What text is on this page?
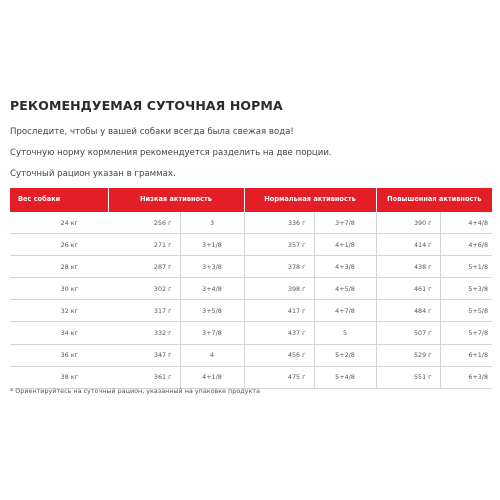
РЕКОМЕНДУЕМАЯ СУТОЧНАЯ НОРМА
Проследите, чтобы у вашей собаки всегда была свежая вода!
Суточную норму кормления рекомендуется разделить на две порции.
Суточный рацион указан в граммах.
Вес собаки	Низкая активность		Нормальная активность		Повышенная активность	
24 кг	256 г	3	336 г	3+7/8	390 г	4+4/8
26 кг	271 г	3+1/8	357 г	4+1/8	414 г	4+6/8
28 кг	287 г	3+3/8	378 г	4+3/8	438 г	5+1/8
30 кг	302 г	3+4/8	398 г	4+5/8	461 г	5+3/8
32 кг	317 г	3+5/8	417 г	4+7/8	484 г	5+5/8
34 кг	332 г	3+7/8	437 г	5	507 г	5+7/8
36 кг	347 г	4	456 г	5+2/8	529 г	6+1/8
38 кг	361 г	4+1/8	475 г	5+4/8	551 г	6+3/8
* Ориентируйтесь на суточный рацион, указанный на упаковке продукта
